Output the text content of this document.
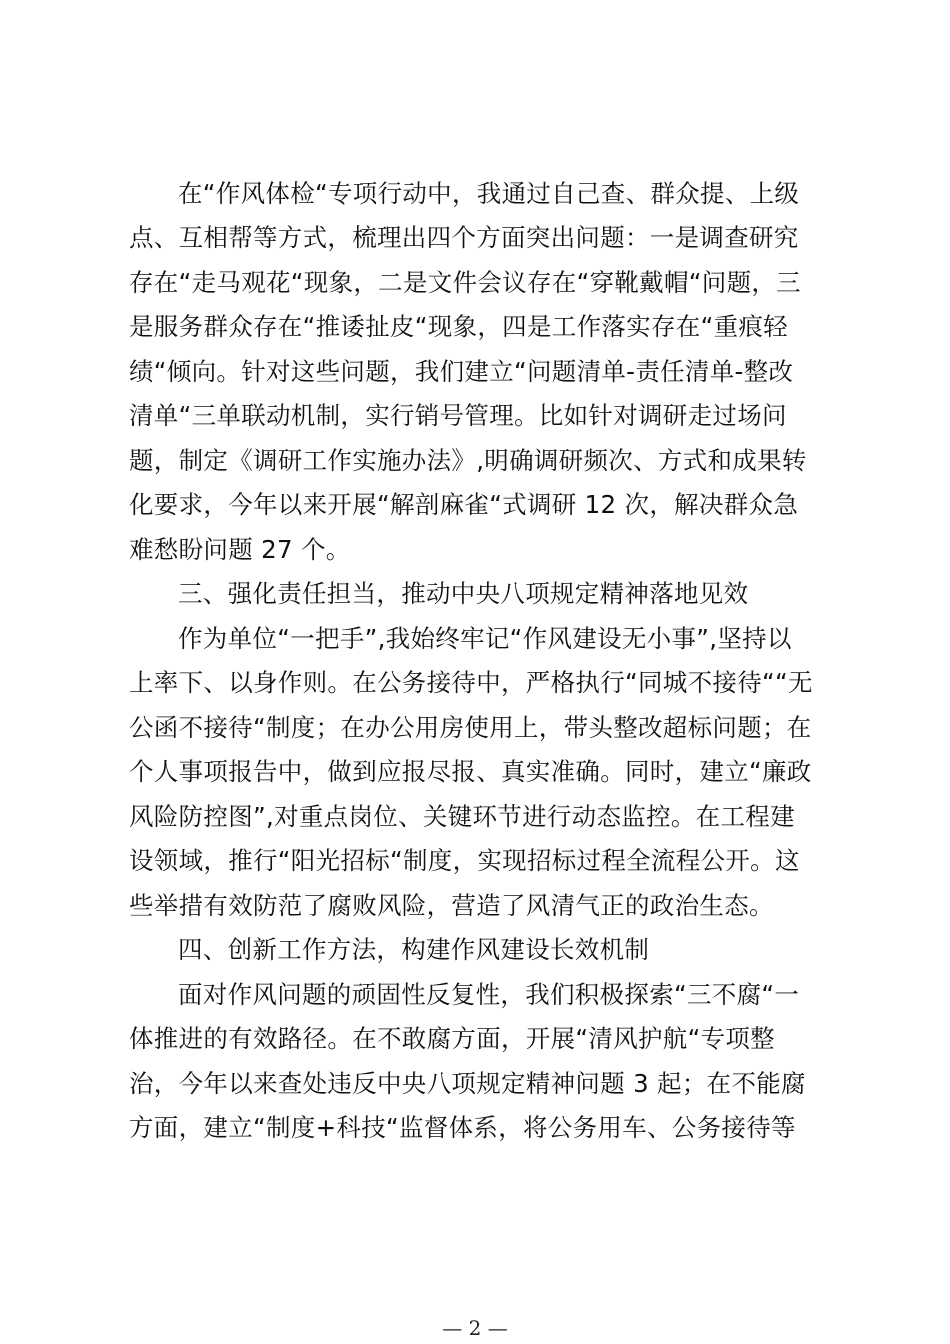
在“作风体检“专项行动中，我通过自己查、群众提、上级
点、互相帮等方式，梳理出四个方面突出问题：一是调查研究
存在“走马观花“现象，二是文件会议存在“穿靴戴帽“问题，三
是服务群众存在“推诿扯皮“现象，四是工作落实存在“重痕轻
绩“倾向。针对这些问题，我们建立“问题清单-责任清单-整改
清单“三单联动机制，实行销号管理。比如针对调研走过场问
题，制定《调研工作实施办法》,明确调研频次、方式和成果转
化要求，今年以来开展“解剖麻雀“式调研 12 次，解决群众急
难愁盼问题 27 个。
三、强化责任担当，推动中央八项规定精神落地见效
作为单位“一把手”,我始终牢记“作风建设无小事”,坚持以
上率下、以身作则。在公务接待中，严格执行“同城不接待““无
公函不接待“制度；在办公用房使用上，带头整改超标问题；在
个人事项报告中，做到应报尽报、真实准确。同时，建立“廉政
风险防控图”,对重点岗位、关键环节进行动态监控。在工程建
设领域，推行“阳光招标“制度，实现招标过程全流程公开。这
些举措有效防范了腐败风险，营造了风清气正的政治生态。
四、创新工作方法，构建作风建设长效机制
面对作风问题的顽固性反复性，我们积极探索“三不腐“一
体推进的有效路径。在不敢腐方面，开展“清风护航“专项整
治，今年以来查处违反中央八项规定精神问题 3 起；在不能腐
方面，建立“制度+科技“监督体系，将公务用车、公务接待等
— 2 —
